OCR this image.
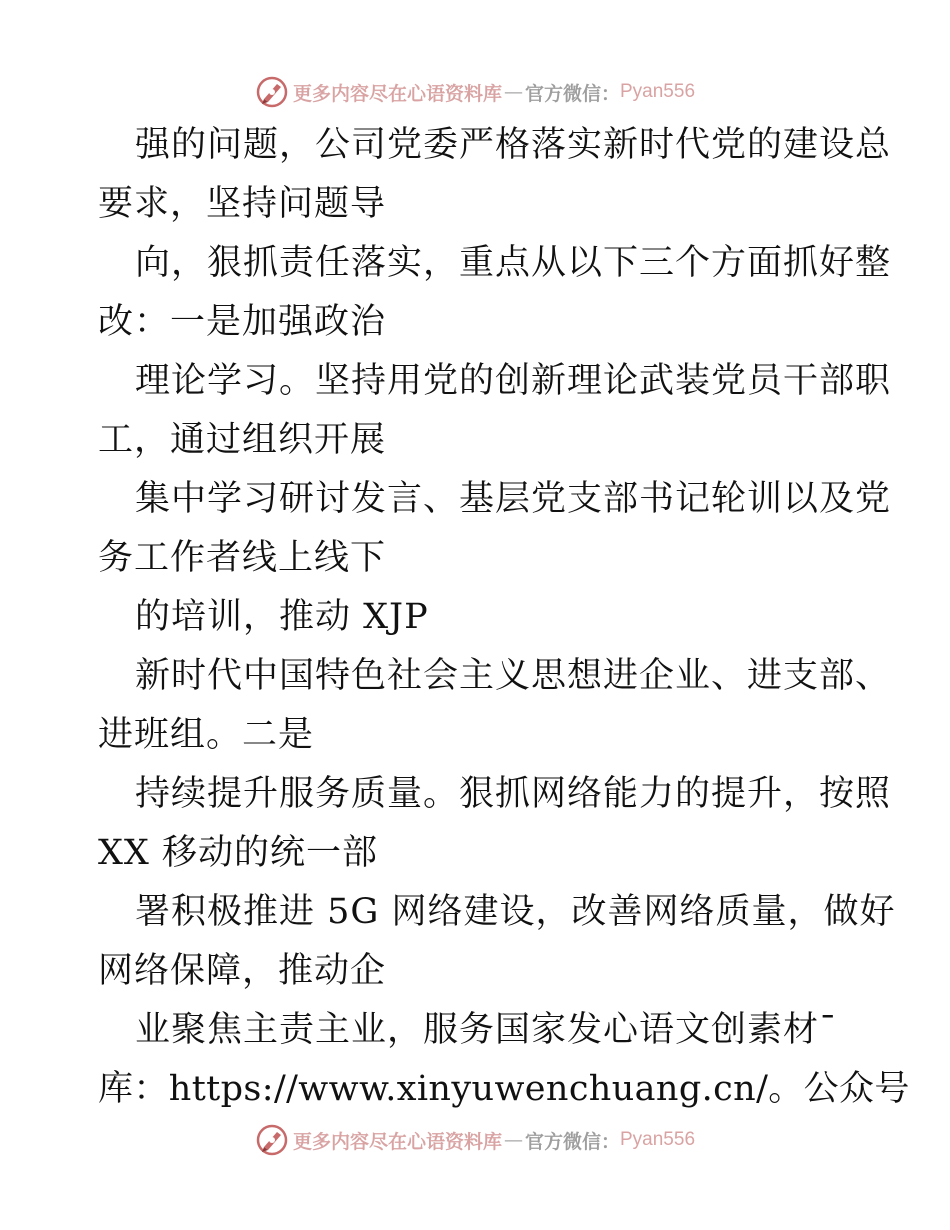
更多内容尽在心语资料库 — 官方微信： Pyan556
强的问题，公司党委严格落实新时代党的建设总
要求，坚持问题导
向，狠抓责任落实，重点从以下三个方面抓好整
改：一是加强政治
理论学习。坚持用党的创新理论武装党员干部职
工，通过组织开展
集中学习研讨发言、基层党支部书记轮训以及党
务工作者线上线下
的培训，推动 XJP
新时代中国特色社会主义思想进企业、进支部、
进班组。二是
持续提升服务质量。狠抓网络能力的提升，按照
XX 移动的统一部
署积极推进 5G 网络建设，改善网络质量，做好
网络保障，推动企
业聚焦主责主业，服务国家发心语文创素材¯
库：https://www.xinyuwenchuang.cn/。公众号
更多内容尽在心语资料库 — 官方微信： Pyan556
